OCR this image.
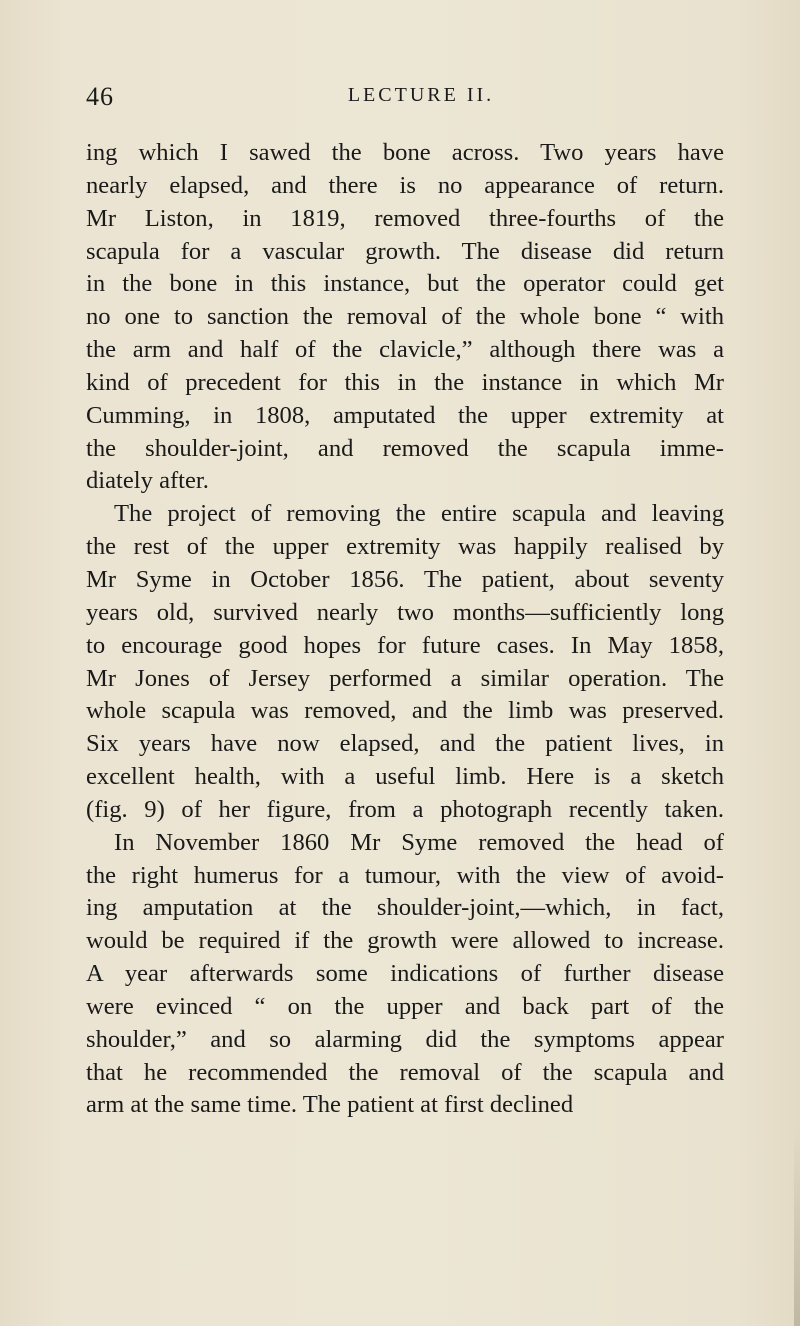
46	LECTURE II.

ing which I sawed the bone across. Two years have

nearly elapsed, and there is no appearance of return.

Mr Liston, in 1819, removed three-fourths of the

scapula for a vascular growth. The disease did return

in the bone in this instance, but the operator could get

no one to sanction the removal of the whole bone “ with

the arm and half of the clavicle,” although there was a

kind of precedent for this in the instance in which Mr

Cumming, in 1808, amputated the upper extremity at

the shoulder-joint, and removed the scapula imme-

diately after.

The project of removing the entire scapula and leaving

the rest of the upper extremity was happily realised by

Mr Syme in October 1856. The patient, about seventy

years old, survived nearly two months—sufficiently long

to encourage good hopes for future cases. In May 1858,

Mr Jones of Jersey performed a similar operation. The

whole scapula was removed, and the limb was preserved.

Six years have now elapsed, and the patient lives, in

excellent health, with a useful limb. Here is a sketch

(fig. 9) of her figure, from a photograph recently taken.

In November 1860 Mr Syme removed the head of

the right humerus for a tumour, with the view of avoid-

ing amputation at the shoulder-joint,—which, in fact,

would be required if the growth were allowed to increase.

A year afterwards some indications of further disease

were evinced “ on the upper and back part of the

shoulder,” and so alarming did the symptoms appear

that he recommended the removal of the scapula and

arm at the same time. The patient at first declined
